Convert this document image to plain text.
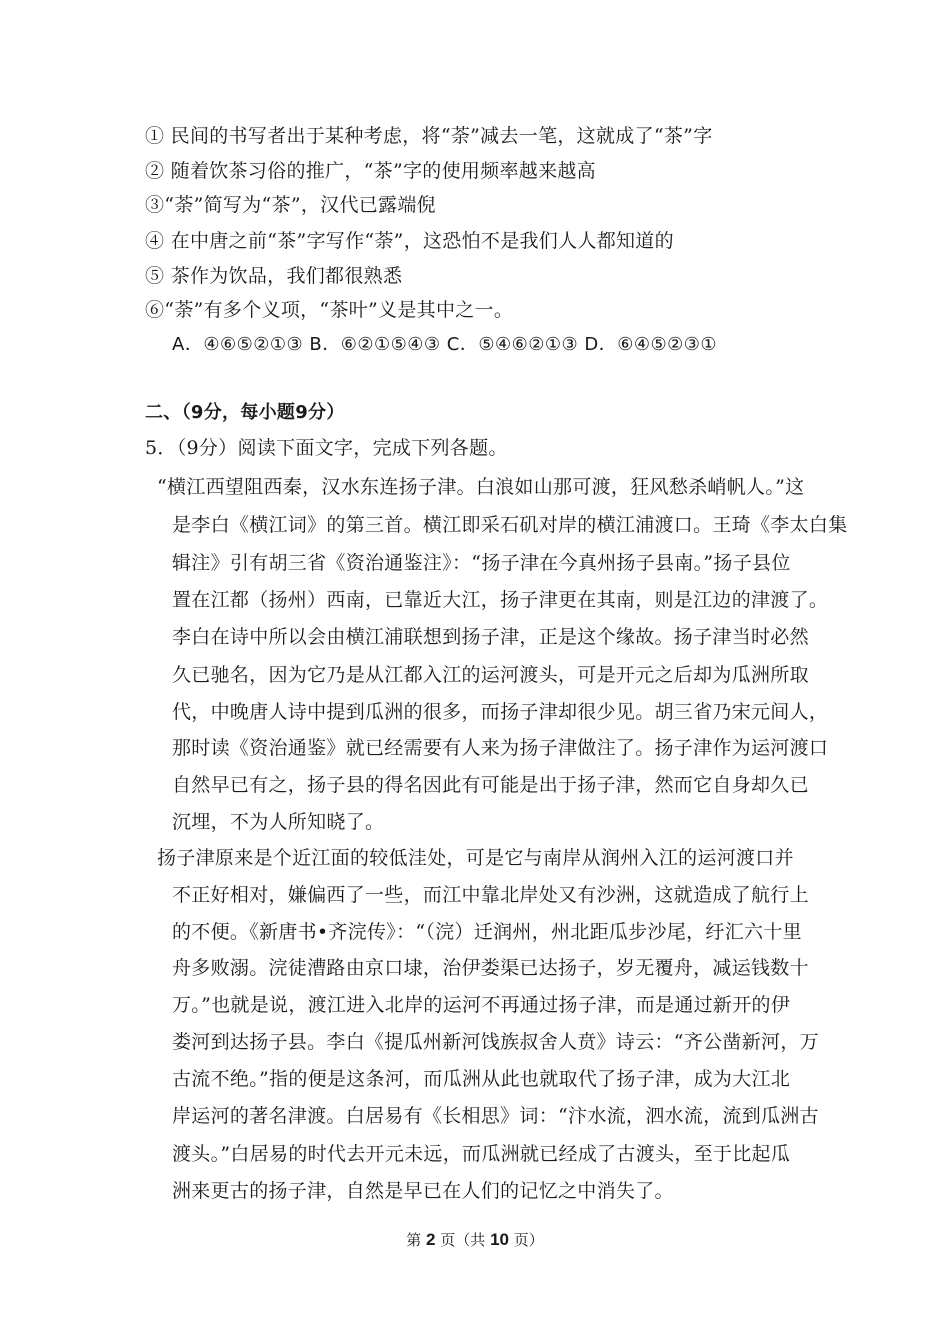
① 民间的书写者出于某种考虑，将“荼”减去一笔，这就成了“茶”字
② 随着饮茶习俗的推广，“茶”字的使用频率越来越高
③“荼”简写为“茶”，汉代已露端倪
④ 在中唐之前“茶”字写作“荼”，这恐怕不是我们人人都知道的
⑤ 茶作为饮品，我们都很熟悉
⑥“荼”有多个义项，“茶叶”义是其中之一。
A．④⑥⑤②①③ B．⑥②①⑤④③ C．⑤④⑥②①③ D．⑥④⑤②③①
二、（9分，每小题9分）
5．（9分）阅读下面文字，完成下列各题。
“横江西望阻西秦，汉水东连扬子津。白浪如山那可渡，狂风愁杀峭帆人。”这
是李白《横江词》的第三首。横江即采石矶对岸的横江浦渡口。王琦《李太白集
辑注》引有胡三省《资治通鉴注》：“扬子津在今真州扬子县南。”扬子县位
置在江都（扬州）西南，已靠近大江，扬子津更在其南，则是江边的津渡了。
李白在诗中所以会由横江浦联想到扬子津，正是这个缘故。扬子津当时必然
久已驰名，因为它乃是从江都入江的运河渡头，可是开元之后却为瓜洲所取
代，中晚唐人诗中提到瓜洲的很多，而扬子津却很少见。胡三省乃宋元间人，
那时读《资治通鉴》就已经需要有人来为扬子津做注了。扬子津作为运河渡口
自然早已有之，扬子县的得名因此有可能是出于扬子津，然而它自身却久已
沉埋，不为人所知晓了。
扬子津原来是个近江面的较低洼处，可是它与南岸从润州入江的运河渡口并
不正好相对，嫌偏西了一些，而江中靠北岸处又有沙洲，这就造成了航行上
的不便。《新唐书•齐浣传》：“（浣）迁润州，州北距瓜步沙尾，纡汇六十里
舟多败溺。浣徒漕路由京口埭，治伊娄渠已达扬子，岁无覆舟，减运钱数十
万。”也就是说，渡江进入北岸的运河不再通过扬子津，而是通过新开的伊
娄河到达扬子县。李白《提瓜州新河饯族叔舍人贲》诗云：“齐公凿新河，万
古流不绝。”指的便是这条河，而瓜洲从此也就取代了扬子津，成为大江北
岸运河的著名津渡。白居易有《长相思》词：“汴水流，泗水流，流到瓜洲古
渡头。”白居易的时代去开元未远，而瓜洲就已经成了古渡头，至于比起瓜
洲来更古的扬子津，自然是早已在人们的记忆之中消失了。
第 2 页（共 10 页）
